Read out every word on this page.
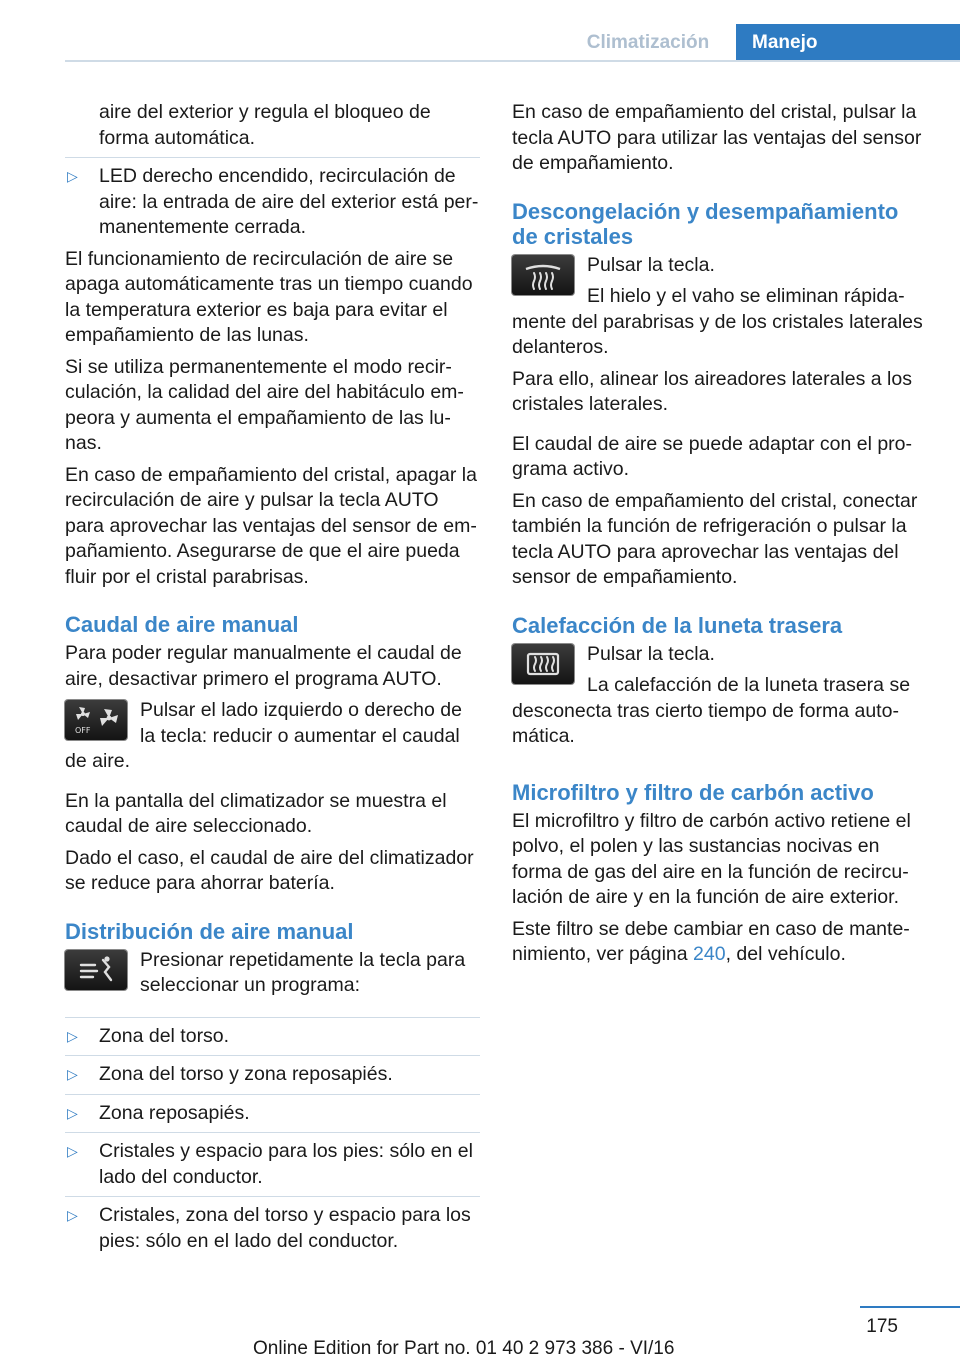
Climatización	Manejo

aire del exterior y regula el bloqueo de forma automática.

▷ LED derecho encendido, recirculación de aire: la entrada de aire del exterior está per‐ manentemente cerrada.

El funcionamiento de recirculación de aire se apaga automáticamente tras un tiempo cuando la temperatura exterior es baja para evitar el empañamiento de las lunas.

Si se utiliza permanentemente el modo recir‐ culación, la calidad del aire del habitáculo em‐ peora y aumenta el empañamiento de las lu‐ nas.

En caso de empañamiento del cristal, apagar la recirculación de aire y pulsar la tecla AUTO para aprovechar las ventajas del sensor de em‐ pañamiento. Asegurarse de que el aire pueda fluir por el cristal parabrisas.

Caudal de aire manual

Para poder regular manualmente el caudal de aire, desactivar primero el programa AUTO.

OFF
Pulsar el lado izquierdo o derecho de la tecla: reducir o aumentar el caudal de aire.

En la pantalla del climatizador se muestra el caudal de aire seleccionado.

Dado el caso, el caudal de aire del climatizador se reduce para ahorrar batería.

Distribución de aire manual
Presionar repetidamente la tecla para seleccionar un programa:
▷ Zona del torso.
▷ Zona del torso y zona reposapiés.
▷ Zona reposapiés.
▷ Cristales y espacio para los pies: sólo en el lado del conductor.
▷ Cristales, zona del torso y espacio para los pies: sólo en el lado del conductor.

En caso de empañamiento del cristal, pulsar la tecla AUTO para utilizar las ventajas del sensor de empañamiento.

Descongelación y desempañamiento de cristales
Pulsar la tecla.
El hielo y el vaho se eliminan rápida‐ mente del parabrisas y de los cristales laterales delanteros.

Para ello, alinear los aireadores laterales a los cristales laterales.

El caudal de aire se puede adaptar con el pro‐ grama activo.

En caso de empañamiento del cristal, conectar también la función de refrigeración o pulsar la tecla AUTO para aprovechar las ventajas del sensor de empañamiento.

Calefacción de la luneta trasera
Pulsar la tecla.
La calefacción de la luneta trasera se desconecta tras cierto tiempo de forma auto‐ mática.
Microfiltro y filtro de carbón activo

El microfiltro y filtro de carbón activo retiene el polvo, el polen y las sustancias nocivas en forma de gas del aire en la función de recircu‐ lación de aire y en la función de aire exterior.

Este filtro se debe cambiar en caso de mante‐ nimiento, ver página 240, del vehículo.

175
Online Edition for Part no. 01 40 2 973 386 - VI/16
